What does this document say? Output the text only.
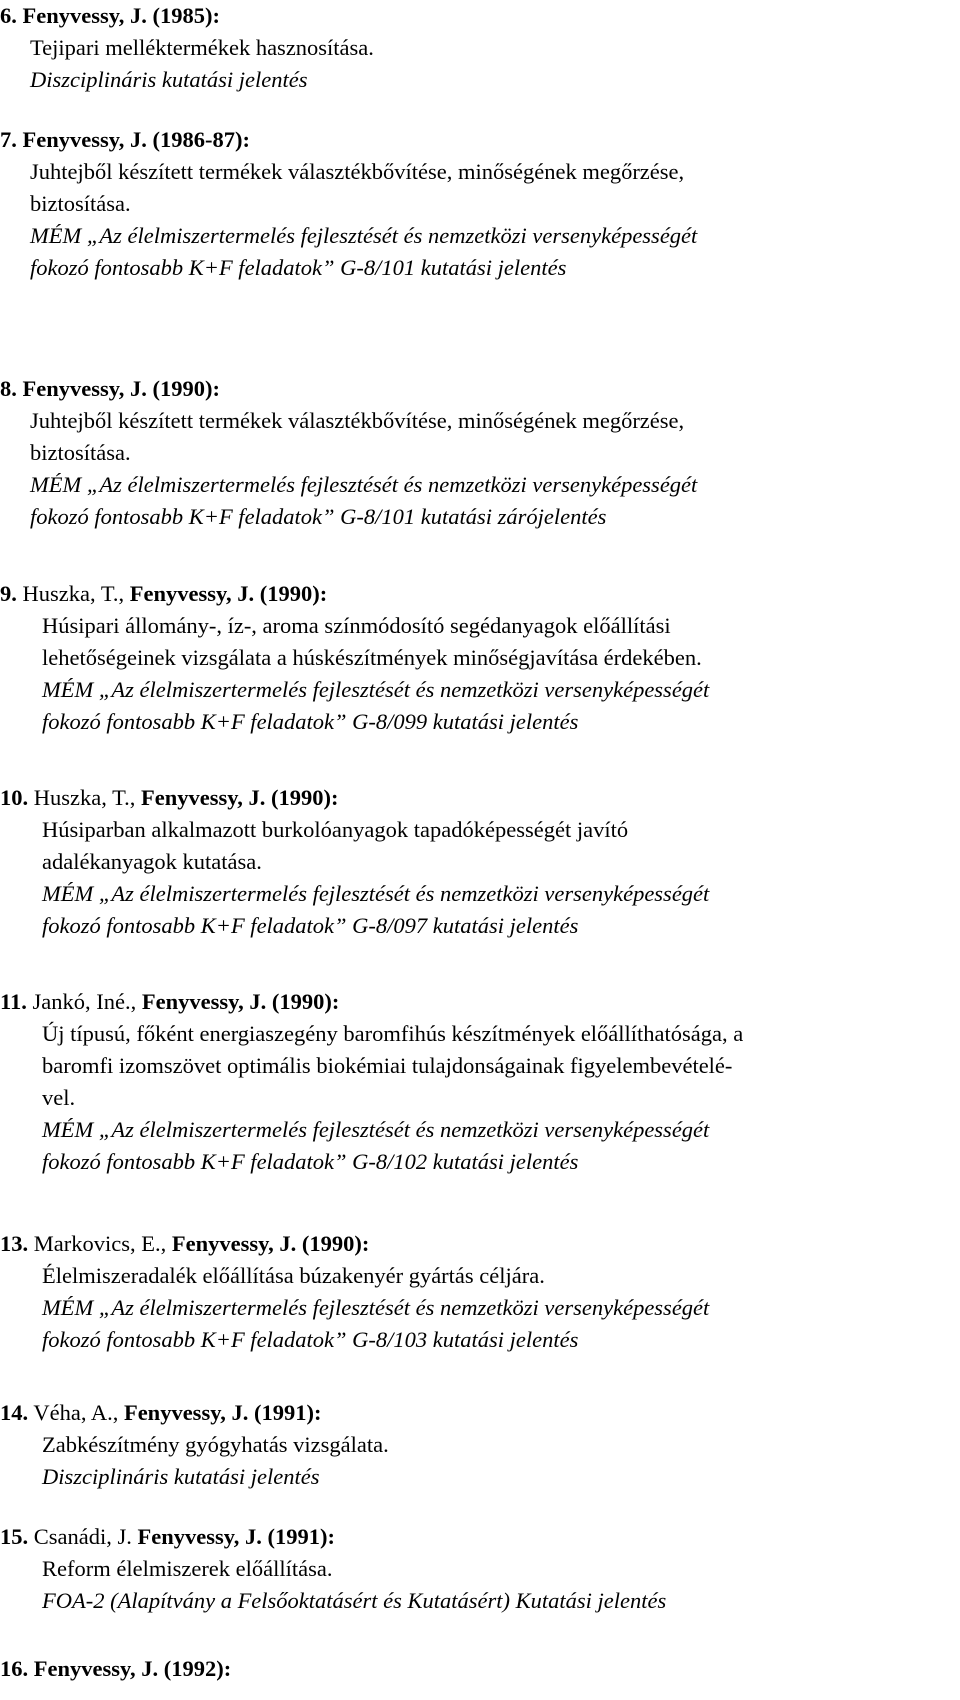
6. Fenyvessy, J. (1985):
Tejipari melléktermékek hasznosítása.
Diszciplináris kutatási jelentés
7. Fenyvessy, J. (1986-87):
Juhtejből készített termékek választékbővítése, minőségének megőrzése,
biztosítása.
MÉM „Az élelmiszertermelés fejlesztését és nemzetközi versenyképességét
fokozó fontosabb K+F feladatok” G-8/101 kutatási jelentés
8. Fenyvessy, J. (1990):
Juhtejből készített termékek választékbővítése, minőségének megőrzése,
biztosítása.
MÉM „Az élelmiszertermelés fejlesztését és nemzetközi versenyképességét
fokozó fontosabb K+F feladatok” G-8/101 kutatási zárójelentés
9. Huszka, T., Fenyvessy, J. (1990):
Húsipari állomány-, íz-, aroma színmódosító segédanyagok előállítási
lehetőségeinek vizsgálata a húskészítmények minőségjavítása érdekében.
MÉM „Az élelmiszertermelés fejlesztését és nemzetközi versenyképességét
fokozó fontosabb K+F feladatok” G-8/099 kutatási jelentés
10. Huszka, T., Fenyvessy, J. (1990):
Húsiparban alkalmazott burkolóanyagok tapadóképességét javító
adalékanyagok kutatása.
MÉM „Az élelmiszertermelés fejlesztését és nemzetközi versenyképességét
fokozó fontosabb K+F feladatok” G-8/097 kutatási jelentés
11. Jankó, Iné., Fenyvessy, J. (1990):
Új típusú, főként energiaszegény baromfihús készítmények előállíthatósága, a
baromfi izomszövet optimális biokémiai tulajdonságainak figyelembevételé-
vel.
MÉM „Az élelmiszertermelés fejlesztését és nemzetközi versenyképességét
fokozó fontosabb K+F feladatok” G-8/102 kutatási jelentés
13. Markovics, E., Fenyvessy, J. (1990):
Élelmiszeradalék előállítása búzakenyér gyártás céljára.
MÉM „Az élelmiszertermelés fejlesztését és nemzetközi versenyképességét
fokozó fontosabb K+F feladatok” G-8/103 kutatási jelentés
14. Véha, A., Fenyvessy, J. (1991):
Zabkészítmény gyógyhatás vizsgálata.
Diszciplináris kutatási jelentés
15. Csanádi, J. Fenyvessy, J. (1991):
Reform élelmiszerek előállítása.
FOA-2 (Alapítvány a Felsőoktatásért és Kutatásért) Kutatási jelentés
16. Fenyvessy, J. (1992):
